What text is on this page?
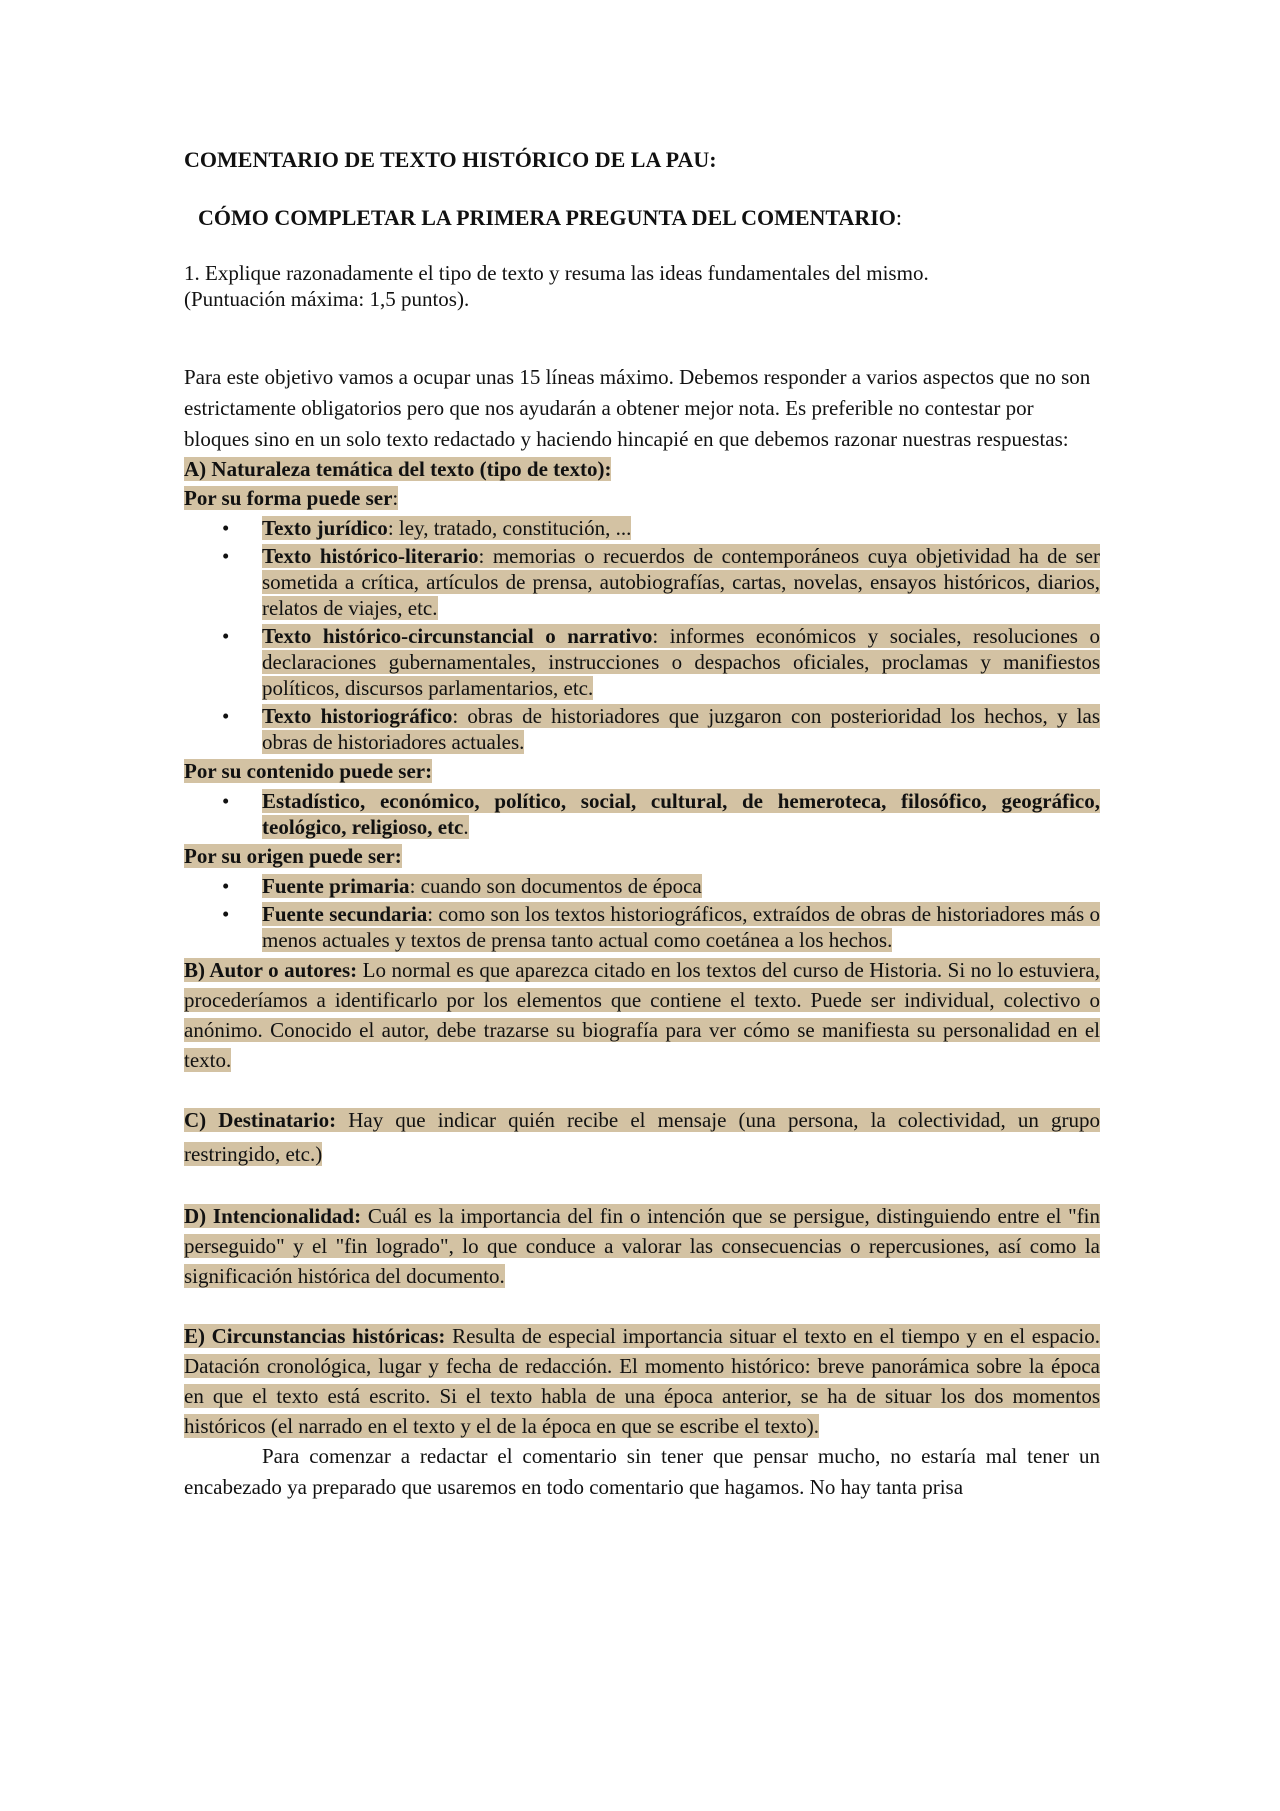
COMENTARIO DE TEXTO HISTÓRICO DE LA PAU:

CÓMO COMPLETAR LA PRIMERA PREGUNTA DEL COMENTARIO:

1. Explique razonadamente el tipo de texto y resuma las ideas fundamentales del mismo.
(Puntuación máxima: 1,5 puntos).

Para este objetivo vamos a ocupar unas 15 líneas máximo. Debemos responder a varios aspectos que no son estrictamente obligatorios pero que nos ayudarán a obtener mejor nota. Es preferible no contestar por bloques sino en un solo texto redactado y haciendo hincapié en que debemos razonar nuestras respuestas:

A) Naturaleza temática del texto (tipo de texto):

Por su forma puede ser:

• Texto jurídico: ley, tratado, constitución, ...
• Texto histórico-literario: memorias o recuerdos de contemporáneos cuya objetividad ha de ser sometida a crítica, artículos de prensa, autobiografías, cartas, novelas, ensayos históricos, diarios, relatos de viajes, etc.
• Texto histórico-circunstancial o narrativo: informes económicos y sociales, resoluciones o declaraciones gubernamentales, instrucciones o despachos oficiales, proclamas y manifiestos políticos, discursos parlamentarios, etc.
• Texto historiográfico: obras de historiadores que juzgaron con posterioridad los hechos, y las obras de historiadores actuales.

Por su contenido puede ser:

• Estadístico, económico, político, social, cultural, de hemeroteca, filosófico, geográfico, teológico, religioso, etc.

Por su origen puede ser:

• Fuente primaria: cuando son documentos de época
• Fuente secundaria: como son los textos historiográficos, extraídos de obras de historiadores más o menos actuales y textos de prensa tanto actual como coetánea a los hechos.

B) Autor o autores: Lo normal es que aparezca citado en los textos del curso de Historia. Si no lo estuviera, procederíamos a identificarlo por los elementos que contiene el texto. Puede ser individual, colectivo o anónimo. Conocido el autor, debe trazarse su biografía para ver cómo se manifiesta su personalidad en el texto.

C) Destinatario: Hay que indicar quién recibe el mensaje (una persona, la colectividad, un grupo restringido, etc.)

D) Intencionalidad: Cuál es la importancia del fin o intención que se persigue, distinguiendo entre el "fin perseguido" y el "fin logrado", lo que conduce a valorar las consecuencias o repercusiones, así como la significación histórica del documento.

E) Circunstancias históricas: Resulta de especial importancia situar el texto en el tiempo y en el espacio. Datación cronológica, lugar y fecha de redacción. El momento histórico: breve panorámica sobre la época en que el texto está escrito. Si el texto habla de una época anterior, se ha de situar los dos momentos históricos (el narrado en el texto y el de la época en que se escribe el texto).

Para comenzar a redactar el comentario sin tener que pensar mucho, no estaría mal tener un encabezado ya preparado que usaremos en todo comentario que hagamos. No hay tanta prisa
